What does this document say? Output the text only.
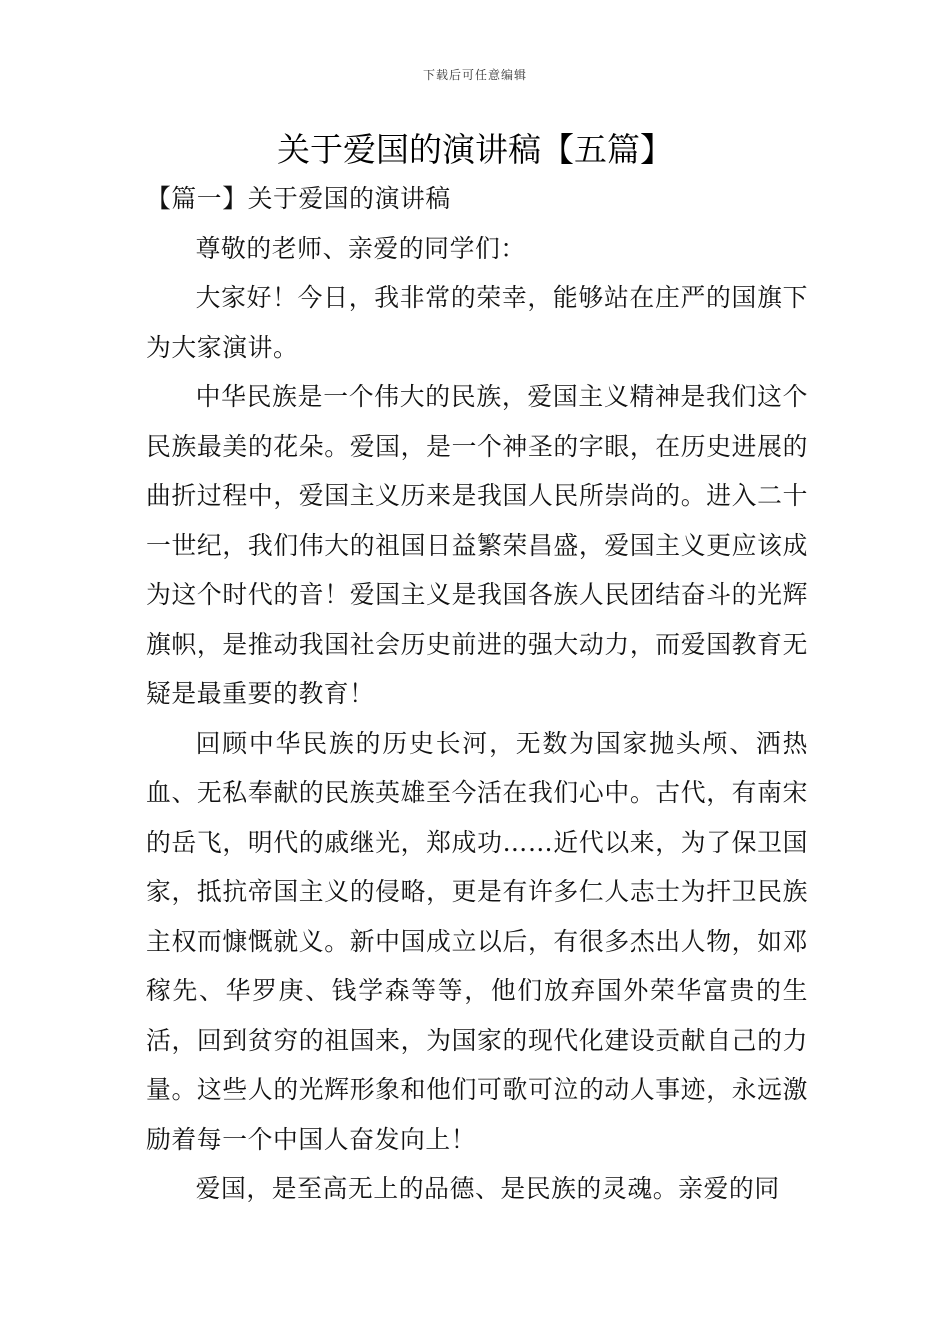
下载后可任意编辑
关于爱国的演讲稿【五篇】

【篇一】关于爱国的演讲稿

尊敬的老师、亲爱的同学们：

大家好！今日，我非常的荣幸，能够站在庄严的国旗下为大家演讲。

中华民族是一个伟大的民族，爱国主义精神是我们这个民族最美的花朵。爱国，是一个神圣的字眼，在历史进展的曲折过程中，爱国主义历来是我国人民所崇尚的。进入二十一世纪，我们伟大的祖国日益繁荣昌盛，爱国主义更应该成为这个时代的音！爱国主义是我国各族人民团结奋斗的光辉旗帜，是推动我国社会历史前进的强大动力，而爱国教育无疑是最重要的教育！

回顾中华民族的历史长河，无数为国家抛头颅、洒热血、无私奉献的民族英雄至今活在我们心中。古代，有南宋的岳飞，明代的戚继光，郑成功……近代以来，为了保卫国家，抵抗帝国主义的侵略，更是有许多仁人志士为扞卫民族主权而慷慨就义。新中国成立以后，有很多杰出人物，如邓稼先、华罗庚、钱学森等等，他们放弃国外荣华富贵的生活，回到贫穷的祖国来，为国家的现代化建设贡献自己的力量。这些人的光辉形象和他们可歌可泣的动人事迹，永远激励着每一个中国人奋发向上！

爱国，是至高无上的品德、是民族的灵魂。亲爱的同
